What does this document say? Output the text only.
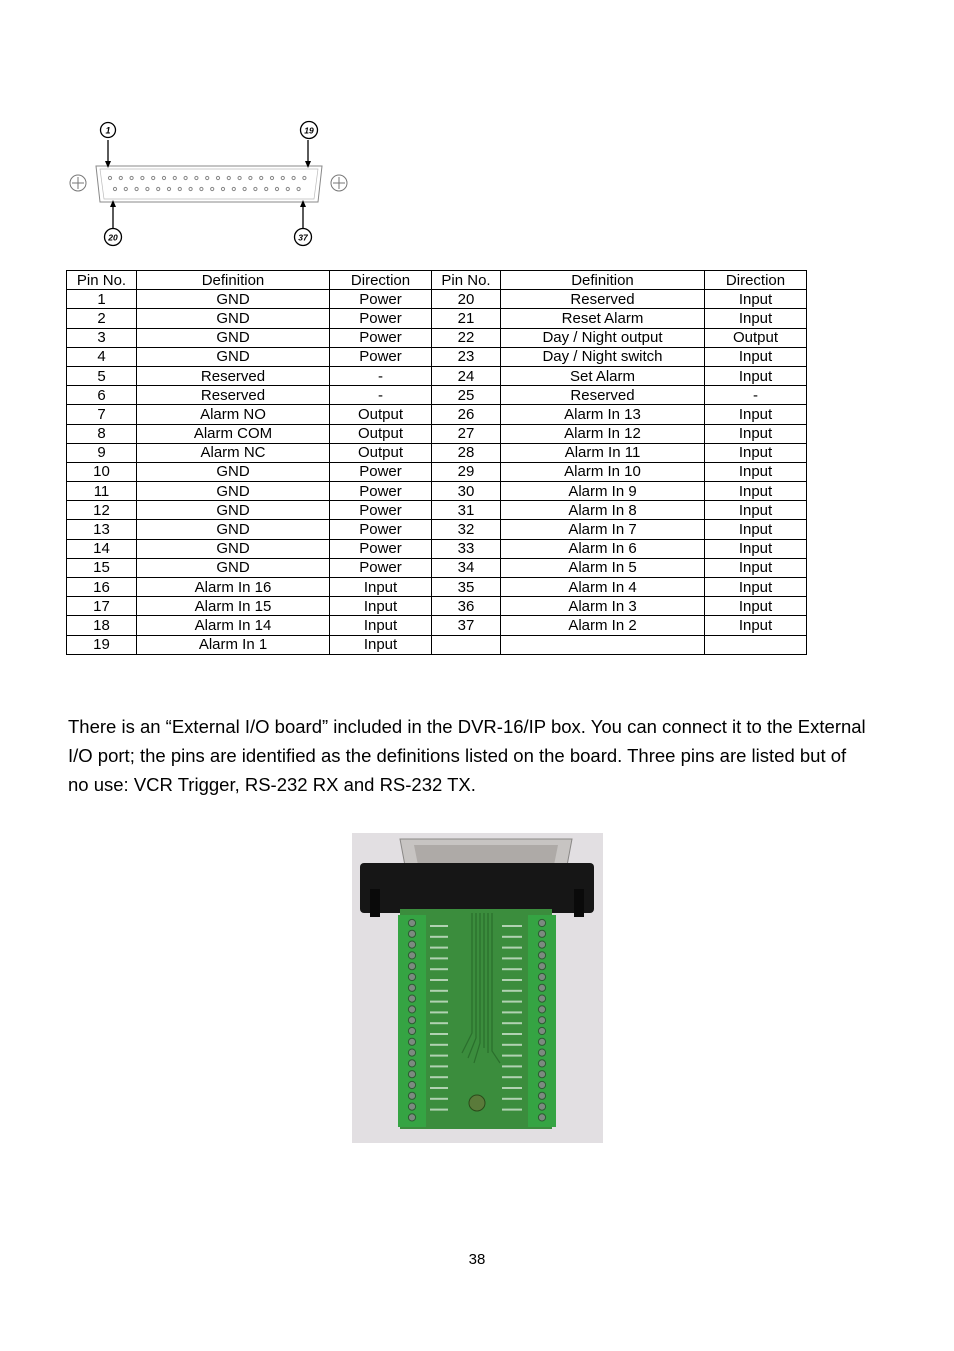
1	19
20	37
Pin No.	Definition	Direction	Pin No.	Definition	Direction
1	GND	Power	20	Reserved	Input
2	GND	Power	21	Reset Alarm	Input
3	GND	Power	22	Day / Night output	Output
4	GND	Power	23	Day / Night switch	Input
5	Reserved	-	24	Set Alarm	Input
6	Reserved	-	25	Reserved	-
7	Alarm NO	Output	26	Alarm In 13	Input
8	Alarm COM	Output	27	Alarm In 12	Input
9	Alarm NC	Output	28	Alarm In 11	Input
10	GND	Power	29	Alarm In 10	Input
11	GND	Power	30	Alarm In 9	Input
12	GND	Power	31	Alarm In 8	Input
13	GND	Power	32	Alarm In 7	Input
14	GND	Power	33	Alarm In 6	Input
15	GND	Power	34	Alarm In 5	Input
16	Alarm In 16	Input	35	Alarm In 4	Input
17	Alarm In 15	Input	36	Alarm In 3	Input
18	Alarm In 14	Input	37	Alarm In 2	Input
19	Alarm In 1	Input			

There is an “External I/O board” included in the DVR-16/IP box. You can connect it to the External I/O port; the pins are identified as the definitions listed on the board. Three pins are listed but of no use: VCR Trigger, RS-232 RX and RS-232 TX.

38
